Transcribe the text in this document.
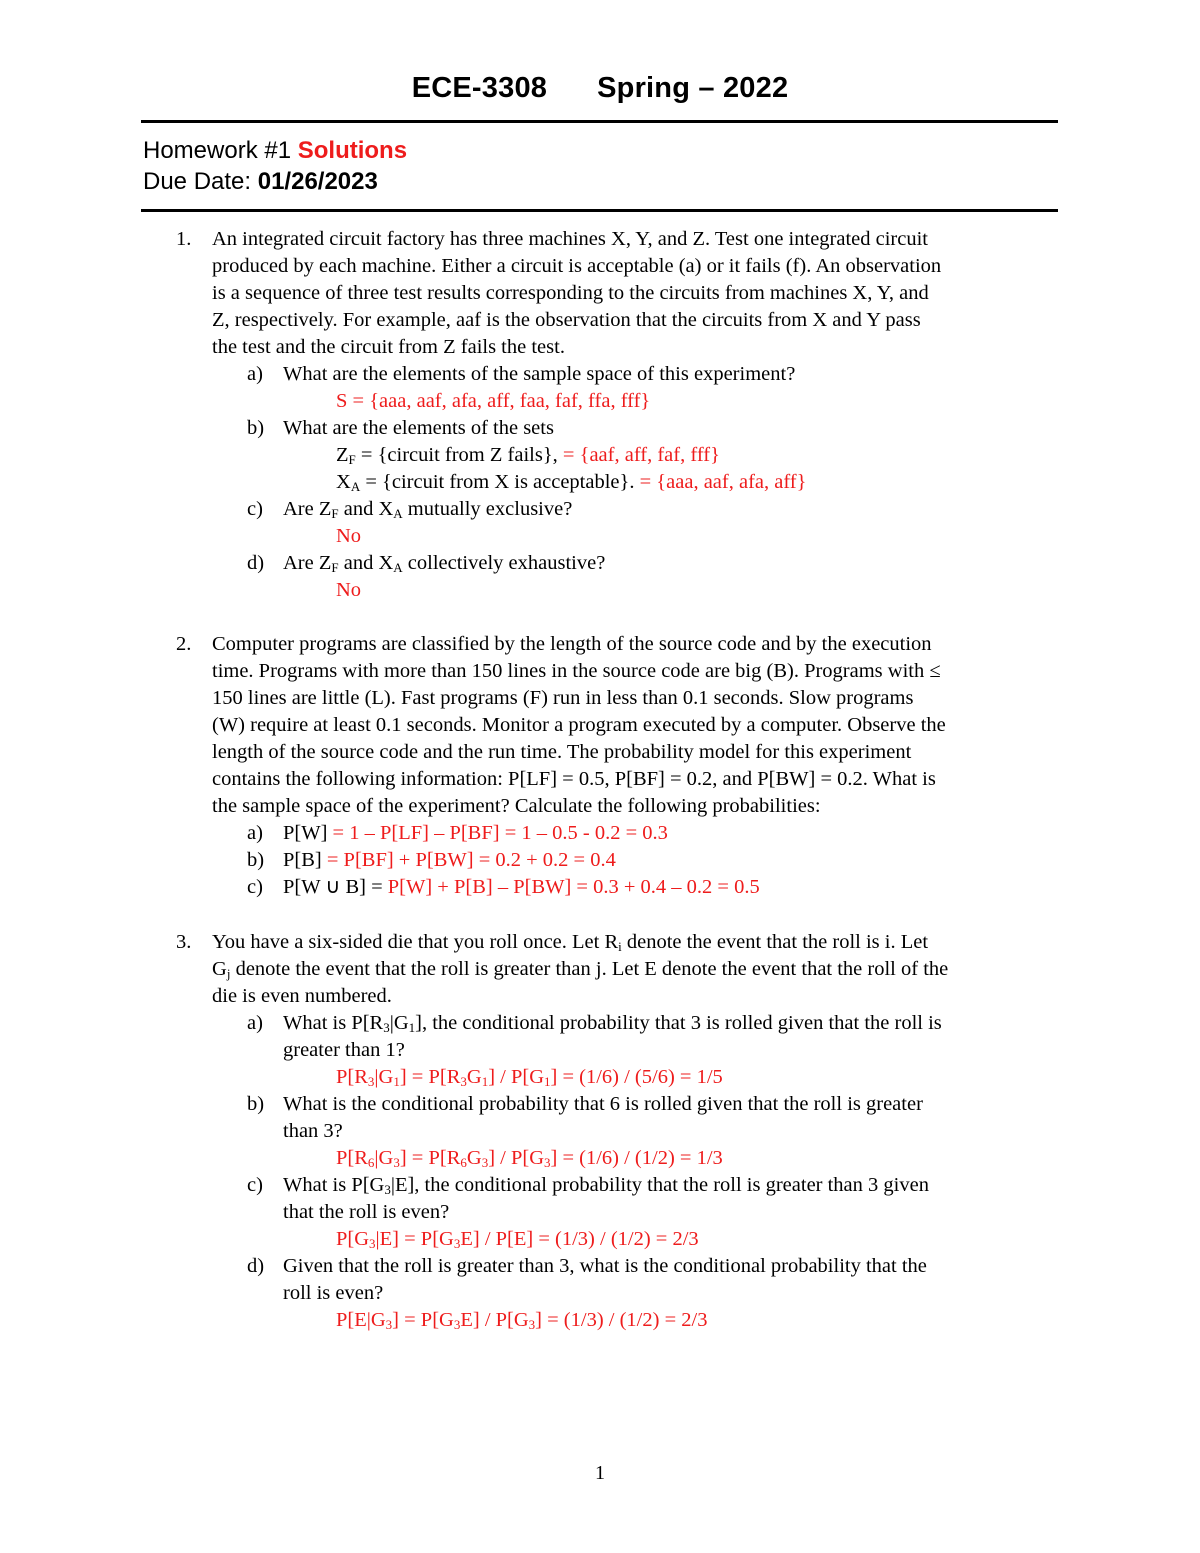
ECE-3308 Spring – 2022
Homework #1 Solutions
Due Date: 01/26/2023
1. An integrated circuit factory has three machines X, Y, and Z. Test one integrated circuit
produced by each machine. Either a circuit is acceptable (a) or it fails (f). An observation
is a sequence of three test results corresponding to the circuits from machines X, Y, and
Z, respectively. For example, aaf is the observation that the circuits from X and Y pass
the test and the circuit from Z fails the test.
a) What are the elements of the sample space of this experiment?
S = {aaa, aaf, afa, aff, faa, faf, ffa, fff}
b) What are the elements of the sets
$Z_F$ = {circuit from Z fails}, = {aaf, aff, faf, fff}
$X_A$ = {circuit from X is acceptable}. = {aaa, aaf, afa, aff}
c) Are $Z_F$ and $X_A$ mutually exclusive?
No
d) Are $Z_F$ and $X_A$ collectively exhaustive?
No
2. Computer programs are classified by the length of the source code and by the execution
time. Programs with more than 150 lines in the source code are big (B). Programs with ≤
150 lines are little (L). Fast programs (F) run in less than 0.1 seconds. Slow programs
(W) require at least 0.1 seconds. Monitor a program executed by a computer. Observe the
length of the source code and the run time. The probability model for this experiment
contains the following information: P[LF] = 0.5, P[BF] = 0.2, and P[BW] = 0.2. What is
the sample space of the experiment? Calculate the following probabilities:
a) P[W] = 1 – P[LF] – P[BF] = 1 – 0.5 - 0.2 = 0.3
b) P[B] = P[BF] + P[BW] = 0.2 + 0.2 = 0.4
c) P[W ∪ B] = P[W] + P[B] – P[BW] = 0.3 + 0.4 – 0.2 = 0.5
3. You have a six-sided die that you roll once. Let $R_i$ denote the event that the roll is i. Let
$G_j$ denote the event that the roll is greater than j. Let E denote the event that the roll of the
die is even numbered.
a) What is $P[R_3|G_1]$, the conditional probability that 3 is rolled given that the roll is
greater than 1?
$P[R_3|G_1] = P[R_3G_1] / P[G_1] = (1/6) / (5/6) = 1/5$
b) What is the conditional probability that 6 is rolled given that the roll is greater
than 3?
$P[R_6|G_3] = P[R_6G_3] / P[G_3] = (1/6) / (1/2) = 1/3$
c) What is $P[G_3|E]$, the conditional probability that the roll is greater than 3 given
that the roll is even?
$P[G_3|E] = P[G_3E] / P[E] = (1/3) / (1/2) = 2/3$
d) Given that the roll is greater than 3, what is the conditional probability that the
roll is even?
$P[E|G_3] = P[G_3E] / P[G_3] = (1/3) / (1/2) = 2/3$
1
